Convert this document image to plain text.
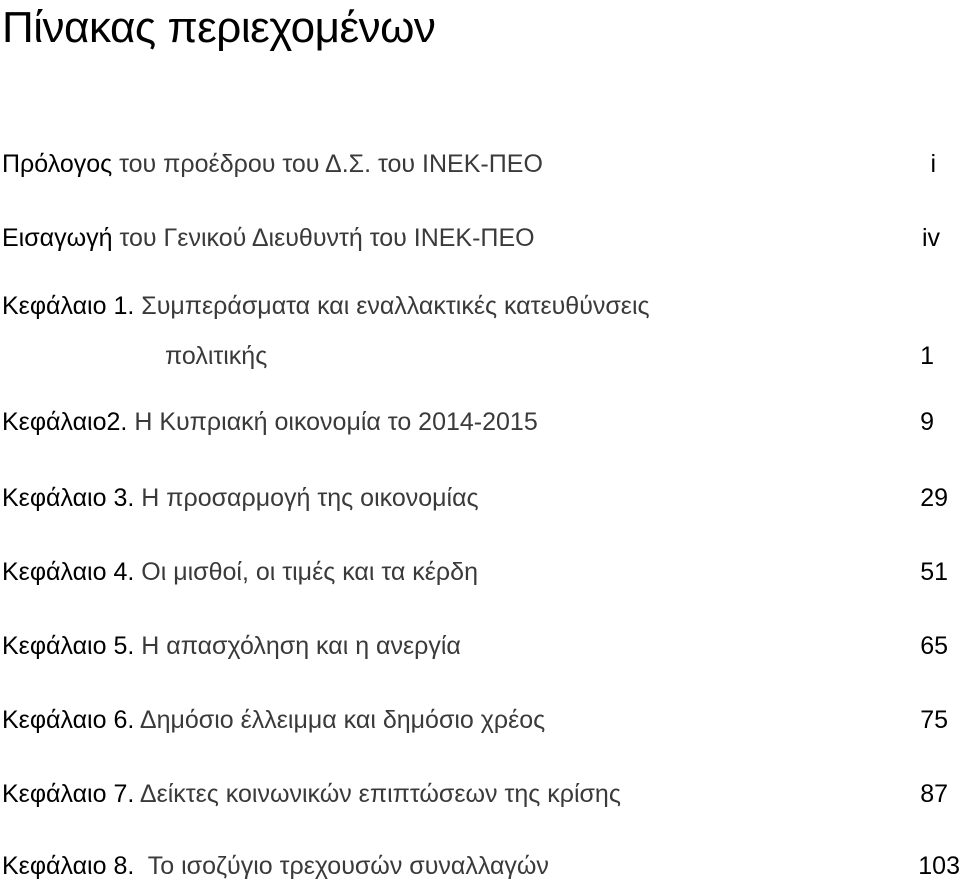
Πίνακας περιεχομένων
Πρόλογος του προέδρου του Δ.Σ. του ΙΝΕΚ-ΠΕΟ	i
Εισαγωγή του Γενικού Διευθυντή του ΙΝΕΚ-ΠΕΟ	iv
Κεφάλαιο 1. Συμπεράσματα και εναλλακτικές κατευθύνσεις
πολιτικής	1
Κεφάλαιο2. Η Κυπριακή οικονομία το 2014-2015	9
Κεφάλαιο 3. Η προσαρμογή της οικονομίας	29
Κεφάλαιο 4. Οι μισθοί, οι τιμές και τα κέρδη	51
Κεφάλαιο 5. Η απασχόληση και η ανεργία	65
Κεφάλαιο 6. Δημόσιο έλλειμμα και δημόσιο χρέος	75
Κεφάλαιο 7. Δείκτες κοινωνικών επιπτώσεων της κρίσης	87
Κεφάλαιο 8.  Το ισοζύγιο τρεχουσών συναλλαγών	103
